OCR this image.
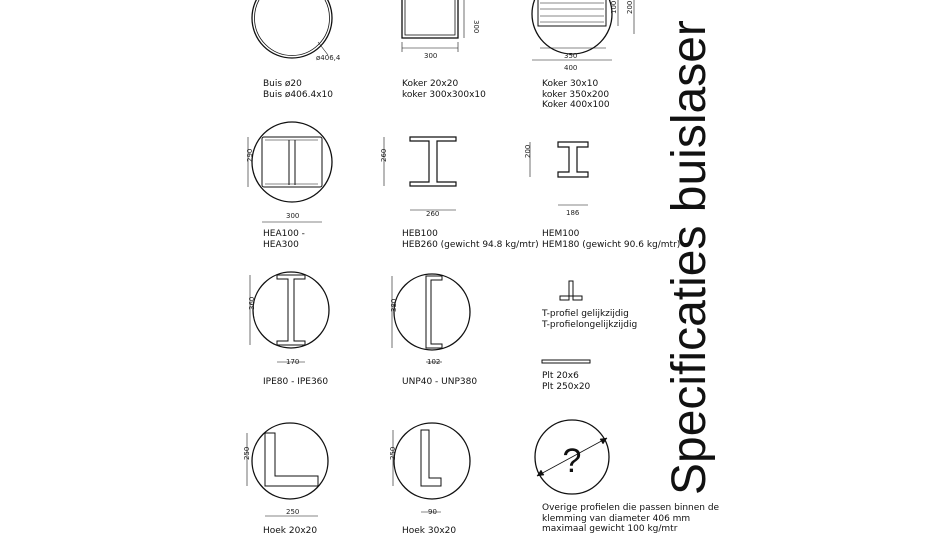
ø406,4	300
300
350
400
100 200
290
300
260
260
200
186
360
170
380
102
250
250
250
90
?
Buis ø20
Buis ø406.4x10
Koker 20x20
koker 300x300x10
Koker 30x10
koker 350x200
Koker 400x100
HEA100 -
HEA300
HEB100
HEB260 (gewicht 94.8 kg/mtr)
HEM100
HEM180 (gewicht 90.6 kg/mtr)
IPE80 - IPE360	UNP40 - UNP380
T-profiel gelijkzijdig
T-profielongelijkzijdig
Plt 20x6
Plt 250x20
Hoek 20x20	Hoek 30x20
Overige profielen die passen binnen de
klemming van diameter 406 mm
maximaal gewicht 100 kg/mtr
Specificaties buislaser
